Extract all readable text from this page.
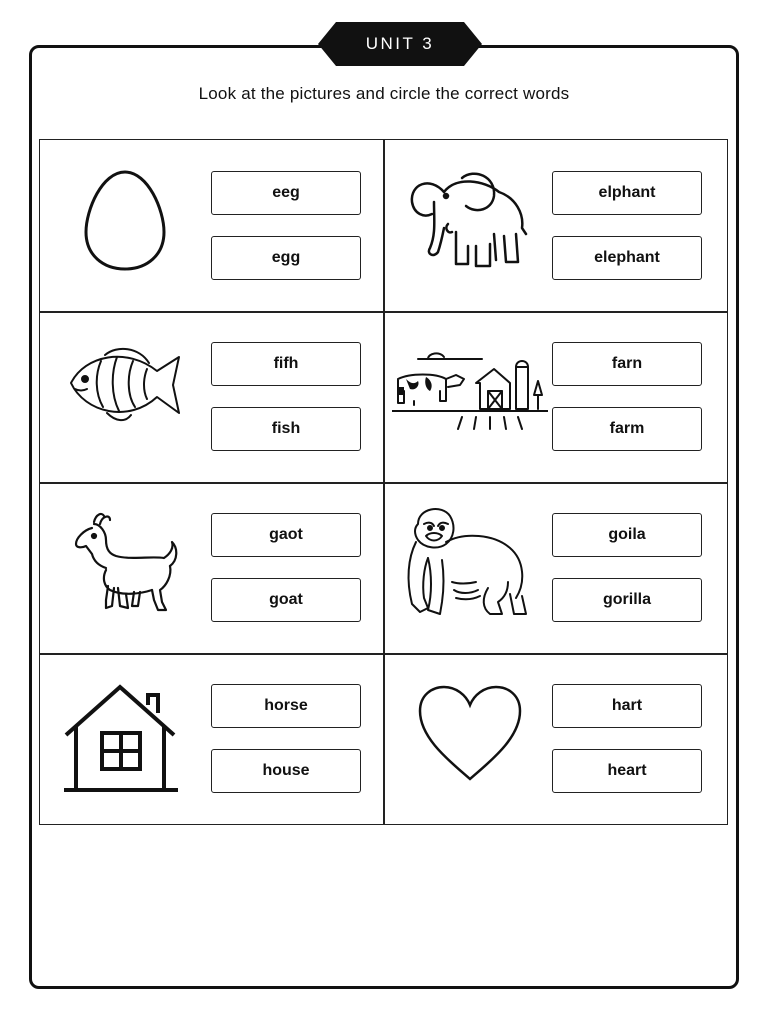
UNIT 3
Look at the pictures and circle the correct words
eeg
egg
elphant
elephant
fifh
fish
farn
farm
gaot
goat
goila
gorilla
horse
house
hart
heart
